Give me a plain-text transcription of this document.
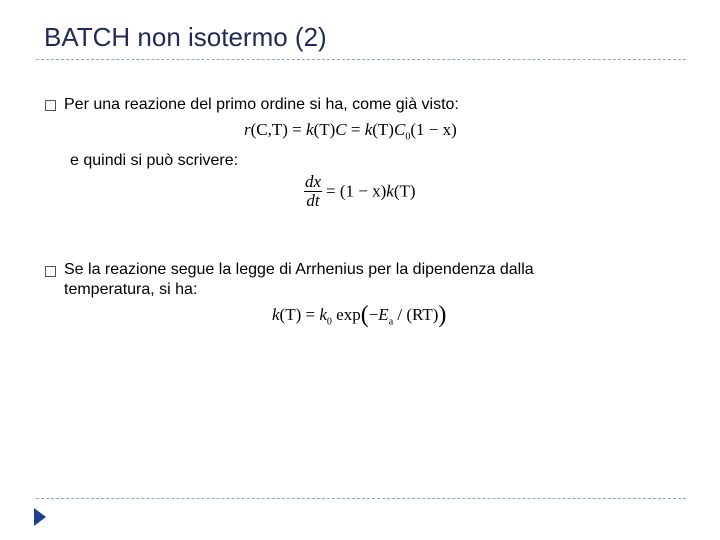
BATCH non isotermo (2)
Per una reazione del primo ordine si ha, come già visto:
$r(C,T) = k(T)C = k(T)C_0(1 - x)$
e quindi si può scrivere:
$\frac{dx}{dt} = (1 - x)k(T)$
Se la reazione segue la legge di Arrhenius per la dipendenza dalla temperatura, si ha:
$k(T) = k_0$ $\exp(-E_a / (RT))$
